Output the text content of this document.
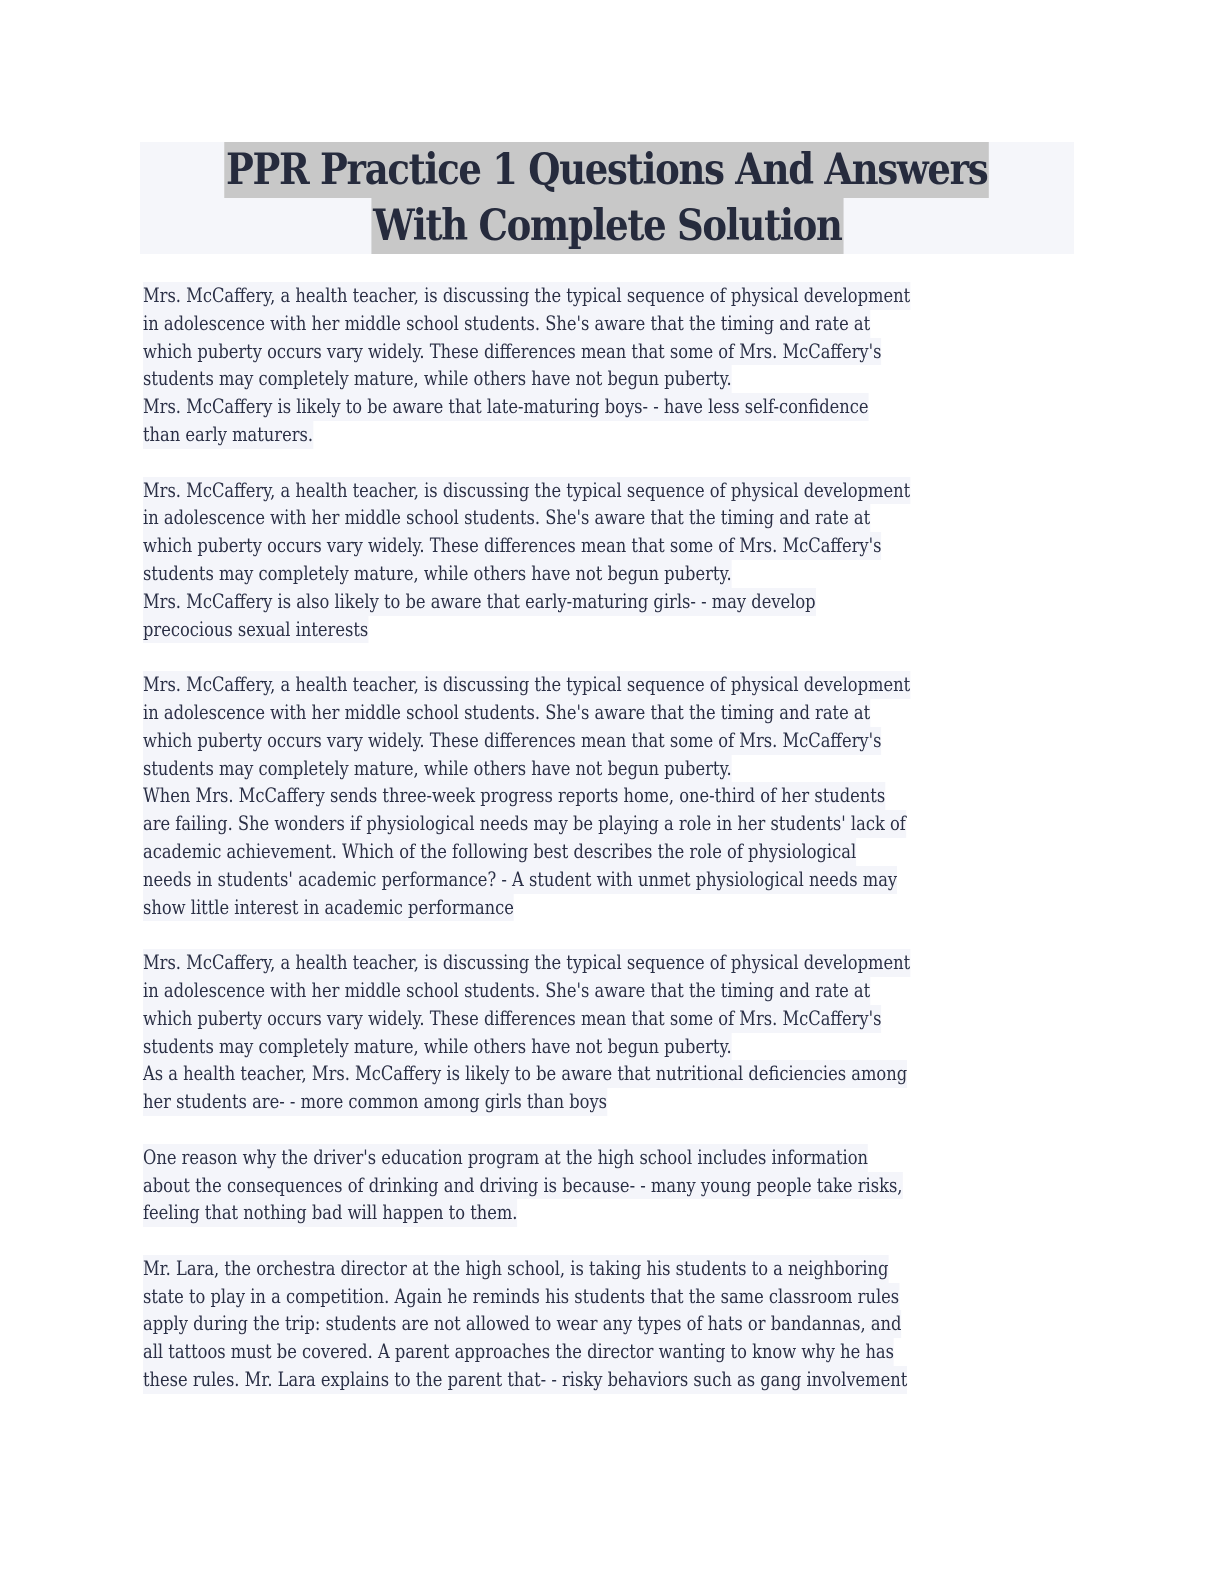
PPR Practice 1 Questions And Answers
With Complete Solution
Mrs. McCaffery, a health teacher, is discussing the typical sequence of physical development
in adolescence with her middle school students. She's aware that the timing and rate at
which puberty occurs vary widely. These differences mean that some of Mrs. McCaffery's
students may completely mature, while others have not begun puberty.
Mrs. McCaffery is likely to be aware that late-maturing boys- - have less self-confidence
than early maturers.
Mrs. McCaffery, a health teacher, is discussing the typical sequence of physical development
in adolescence with her middle school students. She's aware that the timing and rate at
which puberty occurs vary widely. These differences mean that some of Mrs. McCaffery's
students may completely mature, while others have not begun puberty.
Mrs. McCaffery is also likely to be aware that early-maturing girls- - may develop
precocious sexual interests
Mrs. McCaffery, a health teacher, is discussing the typical sequence of physical development
in adolescence with her middle school students. She's aware that the timing and rate at
which puberty occurs vary widely. These differences mean that some of Mrs. McCaffery's
students may completely mature, while others have not begun puberty.
When Mrs. McCaffery sends three-week progress reports home, one-third of her students
are failing. She wonders if physiological needs may be playing a role in her students' lack of
academic achievement. Which of the following best describes the role of physiological
needs in students' academic performance? - A student with unmet physiological needs may
show little interest in academic performance
Mrs. McCaffery, a health teacher, is discussing the typical sequence of physical development
in adolescence with her middle school students. She's aware that the timing and rate at
which puberty occurs vary widely. These differences mean that some of Mrs. McCaffery's
students may completely mature, while others have not begun puberty.
As a health teacher, Mrs. McCaffery is likely to be aware that nutritional deficiencies among
her students are- - more common among girls than boys
One reason why the driver's education program at the high school includes information
about the consequences of drinking and driving is because- - many young people take risks,
feeling that nothing bad will happen to them.
Mr. Lara, the orchestra director at the high school, is taking his students to a neighboring
state to play in a competition. Again he reminds his students that the same classroom rules
apply during the trip: students are not allowed to wear any types of hats or bandannas, and
all tattoos must be covered. A parent approaches the director wanting to know why he has
these rules. Mr. Lara explains to the parent that- - risky behaviors such as gang involvement
